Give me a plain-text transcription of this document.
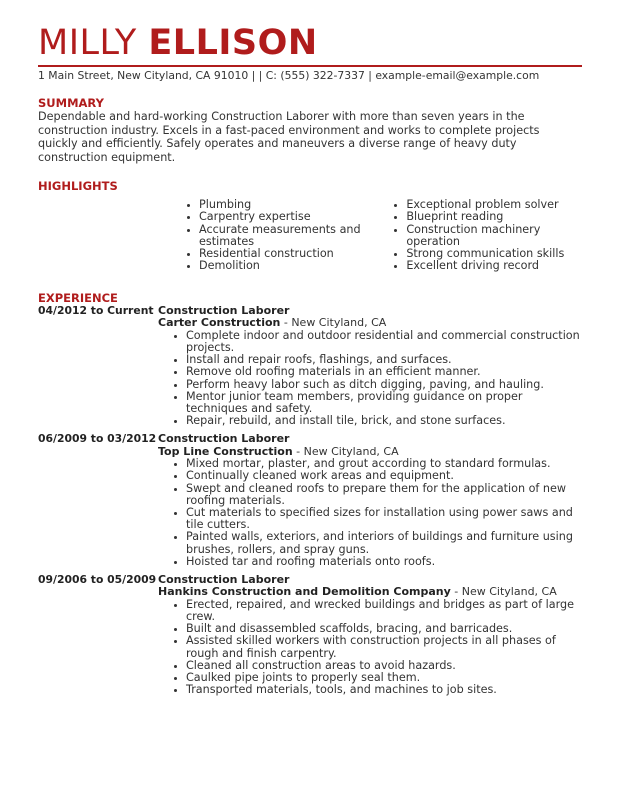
MILLY ELLISON
1 Main Street, New Cityland, CA 91010 | | C: (555) 322-7337 | example-email@example.com
SUMMARY
Dependable and hard-working Construction Laborer with more than seven years in the construction industry. Excels in a fast-paced environment and works to complete projects quickly and efficiently. Safely operates and maneuvers a diverse range of heavy duty construction equipment.
HIGHLIGHTS
• Plumbing
• Carpentry expertise
• Accurate measurements and estimates
• Residential construction
• Demolition
• Exceptional problem solver
• Blueprint reading
• Construction machinery operation
• Strong communication skills
• Excellent driving record
EXPERIENCE
04/2012 to Current Construction Laborer
Carter Construction - New Cityland, CA
• Complete indoor and outdoor residential and commercial construction projects.
• Install and repair roofs, flashings, and surfaces.
• Remove old roofing materials in an efficient manner.
• Perform heavy labor such as ditch digging, paving, and hauling.
• Mentor junior team members, providing guidance on proper techniques and safety.
• Repair, rebuild, and install tile, brick, and stone surfaces.
06/2009 to 03/2012 Construction Laborer
Top Line Construction - New Cityland, CA
• Mixed mortar, plaster, and grout according to standard formulas.
• Continually cleaned work areas and equipment.
• Swept and cleaned roofs to prepare them for the application of new roofing materials.
• Cut materials to specified sizes for installation using power saws and tile cutters.
• Painted walls, exteriors, and interiors of buildings and furniture using brushes, rollers, and spray guns.
• Hoisted tar and roofing materials onto roofs.
09/2006 to 05/2009 Construction Laborer
Hankins Construction and Demolition Company - New Cityland, CA
• Erected, repaired, and wrecked buildings and bridges as part of large crew.
• Built and disassembled scaffolds, bracing, and barricades.
• Assisted skilled workers with construction projects in all phases of rough and finish carpentry.
• Cleaned all construction areas to avoid hazards.
• Caulked pipe joints to properly seal them.
• Transported materials, tools, and machines to job sites.
